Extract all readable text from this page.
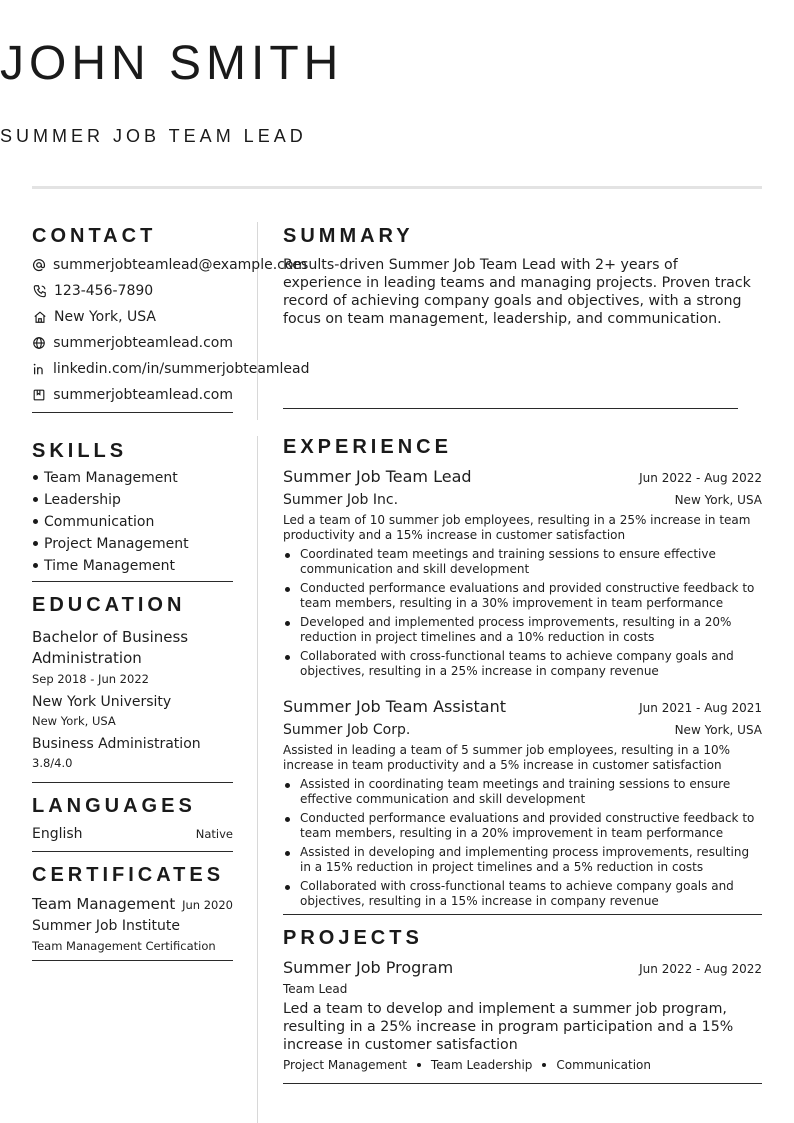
JOHN SMITH
SUMMER JOB TEAM LEAD
CONTACT
summerjobteamlead@example.com
123-456-7890
New York, USA
summerjobteamlead.com
linkedin.com/in/summerjobteamlead
summerjobteamlead.com
SKILLS
Team Management
Leadership
Communication
Project Management
Time Management
EDUCATION
Bachelor of Business Administration
Sep 2018 - Jun 2022
New York University
New York, USA
Business Administration
3.8/4.0
LANGUAGES
English	Native
CERTIFICATES
Team Management Jun 2020
Summer Job Institute
Team Management Certification
SUMMARY
Results-driven Summer Job Team Lead with 2+ years of experience in leading teams and managing projects. Proven track record of achieving company goals and objectives, with a strong focus on team management, leadership, and communication.
EXPERIENCE
Summer Job Team Lead	Jun 2022 - Aug 2022
Summer Job Inc.	New York, USA
Led a team of 10 summer job employees, resulting in a 25% increase in team productivity and a 15% increase in customer satisfaction
Coordinated team meetings and training sessions to ensure effective communication and skill development
Conducted performance evaluations and provided constructive feedback to team members, resulting in a 30% improvement in team performance
Developed and implemented process improvements, resulting in a 20% reduction in project timelines and a 10% reduction in costs
Collaborated with cross-functional teams to achieve company goals and objectives, resulting in a 25% increase in company revenue
Summer Job Team Assistant	Jun 2021 - Aug 2021
Summer Job Corp.	New York, USA
Assisted in leading a team of 5 summer job employees, resulting in a 10% increase in team productivity and a 5% increase in customer satisfaction
Assisted in coordinating team meetings and training sessions to ensure effective communication and skill development
Conducted performance evaluations and provided constructive feedback to team members, resulting in a 20% improvement in team performance
Assisted in developing and implementing process improvements, resulting in a 15% reduction in project timelines and a 5% reduction in costs
Collaborated with cross-functional teams to achieve company goals and objectives, resulting in a 15% increase in company revenue
PROJECTS
Summer Job Program	Jun 2022 - Aug 2022
Team Lead
Led a team to develop and implement a summer job program, resulting in a 25% increase in program participation and a 15% increase in customer satisfaction
Project Management Team Leadership Communication
